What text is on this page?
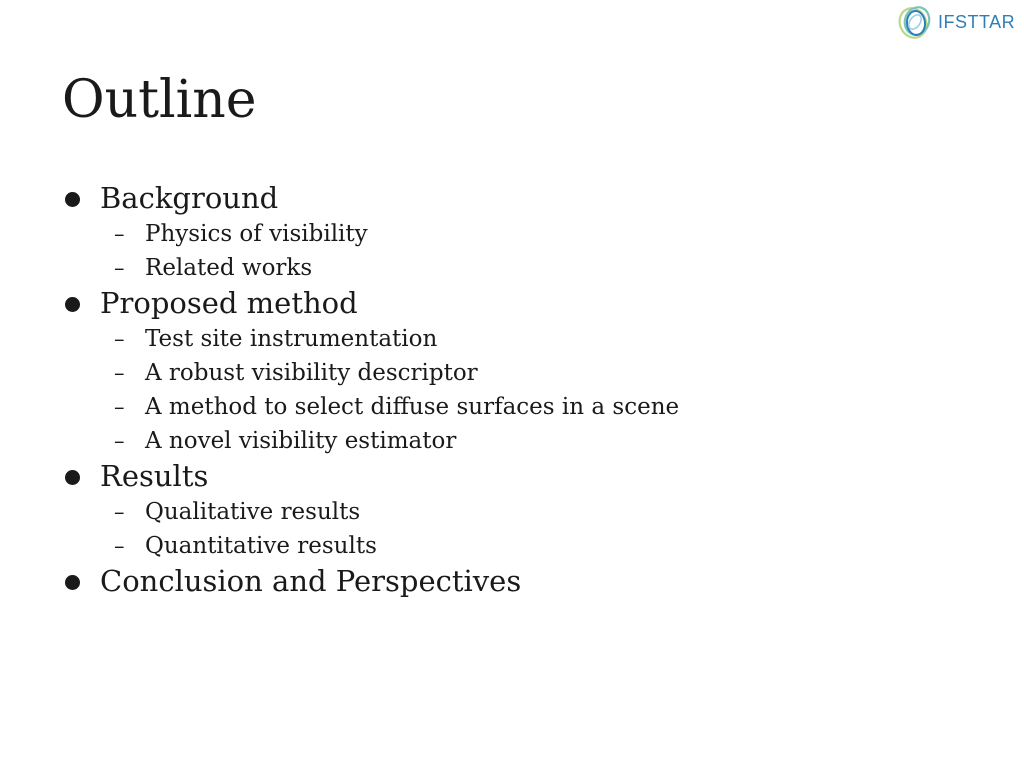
IFSTTAR
Outline
Background
– Physics of visibility
– Related works
Proposed method
– Test site instrumentation
– A robust visibility descriptor
– A method to select diffuse surfaces in a scene
– A novel visibility estimator
Results
– Qualitative results
– Quantitative results
Conclusion and Perspectives
